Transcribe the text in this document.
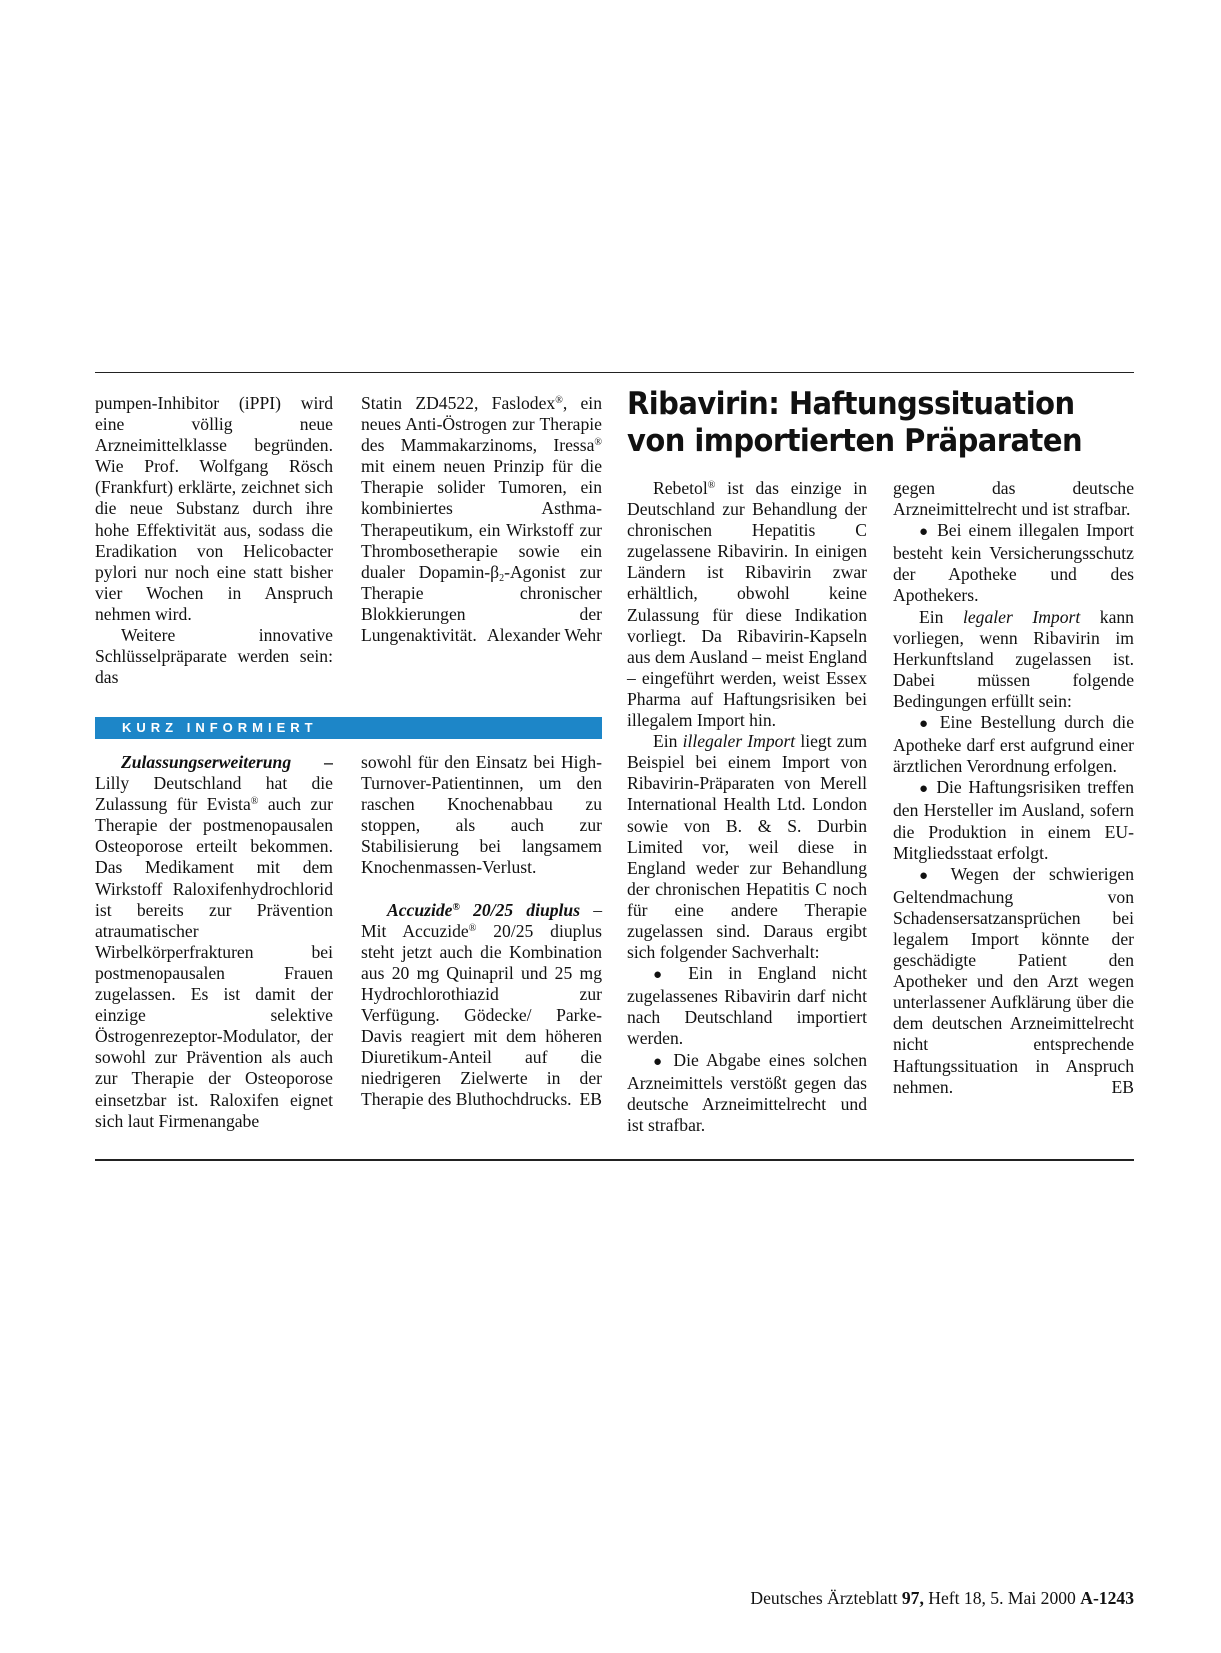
pumpen-Inhibitor (iPPI) wird eine völlig neue Arzneimittelklasse begründen. Wie Prof. Wolfgang Rösch (Frankfurt) erklärte, zeichnet sich die neue Substanz durch ihre hohe Effektivität aus, sodass die Eradikation von Helicobacter pylori nur noch eine statt bisher vier Wochen in Anspruch nehmen wird.

Weitere innovative Schlüsselpräparate werden sein: das

Statin ZD4522, Faslodex®, ein neues Anti-Östrogen zur Therapie des Mammakarzinoms, Iressa® mit einem neuen Prinzip für die Therapie solider Tumoren, ein kombiniertes Asthma-Therapeutikum, ein Wirkstoff zur Thrombosetherapie sowie ein dualer Dopamin-$\beta_2$-Agonist zur Therapie chronischer Blokkierungen der Lungenaktivität. Alexander Wehr

KURZ INFORMIERT

Zulassungserweiterung – Lilly Deutschland hat die Zulassung für Evista® auch zur Therapie der postmenopausalen Osteoporose erteilt bekommen. Das Medikament mit dem Wirkstoff Raloxifenhydrochlorid ist bereits zur Prävention atraumatischer Wirbelkörperfrakturen bei postmenopausalen Frauen zugelassen. Es ist damit der einzige selektive Östrogenrezeptor-Modulator, der sowohl zur Prävention als auch zur Therapie der Osteoporose einsetzbar ist. Raloxifen eignet sich laut Firmenangabe

sowohl für den Einsatz bei High-Turnover-Patientinnen, um den raschen Knochenabbau zu stoppen, als auch zur Stabilisierung bei langsamem Knochenmassen-Verlust.

Accuzide® 20/25 diuplus – Mit Accuzide® 20/25 diuplus steht jetzt auch die Kombination aus 20 mg Quinapril und 25 mg Hydrochlorothiazid zur Verfügung. Gödecke/ Parke-Davis reagiert mit dem höheren Diuretikum-Anteil auf die niedrigeren Zielwerte in der Therapie des Bluthochdrucks. EB

Ribavirin: Haftungssituation
von importierten Präparaten

Rebetol® ist das einzige in Deutschland zur Behandlung der chronischen Hepatitis C zugelassene Ribavirin. In einigen Ländern ist Ribavirin zwar erhältlich, obwohl keine Zulassung für diese Indikation vorliegt. Da Ribavirin-Kapseln aus dem Ausland – meist England – eingeführt werden, weist Essex Pharma auf Haftungsrisiken bei illegalem Import hin.

Ein illegaler Import liegt zum Beispiel bei einem Import von Ribavirin-Präparaten von Merell International Health Ltd. London sowie von B. & S. Durbin Limited vor, weil diese in England weder zur Behandlung der chronischen Hepatitis C noch für eine andere Therapie zugelassen sind. Daraus ergibt sich folgender Sachverhalt:

● Ein in England nicht zugelassenes Ribavirin darf nicht nach Deutschland importiert werden.

● Die Abgabe eines solchen Arzneimittels verstößt gegen das deutsche Arzneimittelrecht und ist strafbar.

gegen das deutsche Arzneimittelrecht und ist strafbar.

● Bei einem illegalen Import besteht kein Versicherungsschutz der Apotheke und des Apothekers.

Ein legaler Import kann vorliegen, wenn Ribavirin im Herkunftsland zugelassen ist. Dabei müssen folgende Bedingungen erfüllt sein:

● Eine Bestellung durch die Apotheke darf erst aufgrund einer ärztlichen Verordnung erfolgen.

● Die Haftungsrisiken treffen den Hersteller im Ausland, sofern die Produktion in einem EU-Mitgliedsstaat erfolgt.

● Wegen der schwierigen Geltendmachung von Schadensersatzansprüchen bei legalem Import könnte der geschädigte Patient den Apotheker und den Arzt wegen unterlassener Aufklärung über die dem deutschen Arzneimittelrecht nicht entsprechende Haftungssituation in Anspruch nehmen.	EB

Deutsches Ärzteblatt 97, Heft 18, 5. Mai 2000 A-1243
